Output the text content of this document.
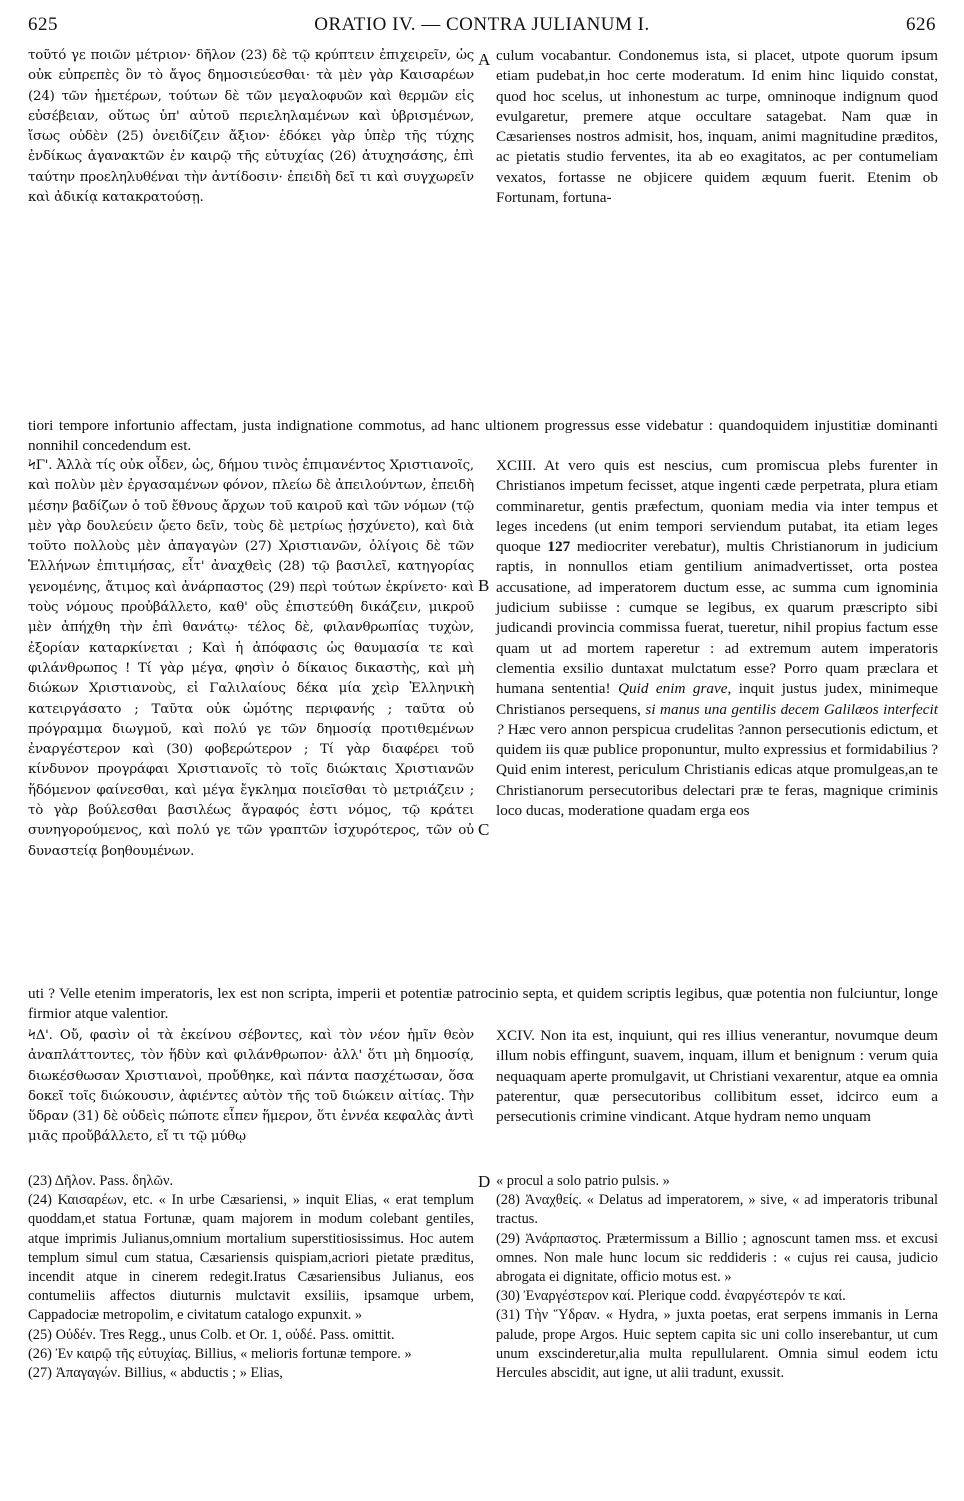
625	ORATIO IV. — CONTRA JULIANUM I.	626

τοῦτό γε ποιῶν μέτριον· δῆλον (23) δὲ τῷ κρύπτειν ἐπιχειρεῖν, ὡς οὐκ εὐπρεπὲς ὂν τὸ ἄγος δημοσιεύεσθαι· τὰ μὲν γὰρ Καισαρέων (24) τῶν ἡμετέρων, τούτων δὲ τῶν μεγαλοφυῶν καὶ θερμῶν εἰς εὐσέβειαν, οὕτως ὑπ' αὐτοῦ περιεληλαμένων καὶ ὑβρισμένων, ἴσως οὐδὲν (25) ὀνειδίζειν ἄξιον· ἐδόκει γὰρ ὑπὲρ τῆς τύχης ἐνδίκως ἀγανακτῶν ἐν καιρῷ τῆς εὐτυχίας (26) ἀτυχησάσης, ἐπὶ ταύτην προεληλυθέναι τὴν ἀντίδοσιν· ἐπειδὴ δεῖ τι καὶ συγχωρεῖν καὶ ἀδικίᾳ κατακρατούσῃ.

A culum vocabantur. Condonemus ista, si placet, utpote quorum ipsum etiam pudebat,in hoc certe moderatum. Id enim hinc liquido constat, quod hoc scelus, ut inhonestum ac turpe, omninoque indignum quod evulgaretur, premere atque occultare satagebat. Nam quæ in Cæsarienses nostros admisit, hos, inquam, animi magnitudine præditos, ac pietatis studio ferventes, ita ab eo exagitatos, ac per contumeliam vexatos, fortasse ne objicere quidem æquum fuerit. Etenim ob Fortunam, fortuna-

tiori tempore infortunio affectam, justa indignatione commotus, ad hanc ultionem progressus esse videbatur : quandoquidem injustitiæ dominanti nonnihil concedendum est.

ϞΓ'. Ἀλλὰ τίς οὐκ οἶδεν, ὡς, δήμου τινὸς ἐπιμανέντος Χριστιανοῖς, καὶ πολὺν μὲν ἐργασαμένων φόνον, πλείω δὲ ἀπειλούντων, ἐπειδὴ μέσην βαδίζων ὁ τοῦ ἔθνους ἄρχων τοῦ καιροῦ καὶ τῶν νόμων (τῷ μὲν γὰρ δουλεύειν ᾤετο δεῖν, τοὺς δὲ μετρίως ᾐσχύνετο), καὶ διὰ τοῦτο πολλοὺς μὲν ἀπαγαγὼν (27) Χριστιανῶν, ὀλίγοις δὲ τῶν Ἑλλήνων ἐπιτιμήσας, εἶτ' ἀναχθεὶς (28) τῷ βασιλεῖ, κατηγορίας γενομένης, ἄτιμος καὶ ἀνάρπαστος (29) περὶ τούτων ἐκρίνετο· καὶ τοὺς νόμους προὐβάλλετο, καθ' οὓς ἐπιστεύθη δικάζειν, μικροῦ μὲν ἀπήχθη τὴν ἐπὶ θανάτῳ· τέλος δὲ, φιλανθρωπίας τυχὼν, ἐξορίαν καταρκίνεται ; Καὶ ἡ ἀπόφασις ὡς θαυμασία τε καὶ φιλάνθρωπος ! Τί γὰρ μέγα, φησὶν ὁ δίκαιος δικαστὴς, καὶ μὴ διώκων Χριστιανοὺς, εἰ Γαλιλαίους δέκα μία χεὶρ Ἑλληνικὴ κατειργάσατο ; Ταῦτα οὐκ ὠμότης περιφανής ; ταῦτα οὐ πρόγραμμα διωγμοῦ, καὶ πολύ γε τῶν δημοσίᾳ προτιθεμένων ἐναργέστερον καὶ (30) φοβερώτερον ; Τί γὰρ διαφέρει τοῦ κίνδυνον προγράφαι Χριστιανοῖς τὸ τοῖς διώκταις Χριστιανῶν ἥδόμενον φαίνεσθαι, καὶ μέγα ἔγκλημα ποιεῖσθαι τὸ μετριάζειν ; τὸ γὰρ βούλεσθαι βασιλέως ἄγραφός ἐστι νόμος, τῷ κράτει συνηγορούμενος, καὶ πολύ γε τῶν γραπτῶν ἰσχυρότερος, τῶν οὐ δυναστείᾳ βοηθουμένων.

B
C

XCIII. At vero quis est nescius, cum promiscua plebs furenter in Christianos impetum fecisset, atque ingenti cæde perpetrata, plura etiam comminaretur, gentis præfectum, quoniam media via inter tempus et leges incedens (ut enim tempori serviendum putabat, ita etiam leges quoque 127 mediocriter verebatur), multis Christianorum in judicium raptis, in nonnullos etiam gentilium animadvertisset, orta postea accusatione, ad imperatorem ductum esse, ac summa cum ignominia judicium subiisse : cumque se legibus, ex quarum præscripto sibi judicandi provincia commissa fuerat, tueretur, nihil propius factum esse quam ut ad mortem raperetur : ad extremum autem imperatoris clementia exsilio duntaxat mulctatum esse? Porro quam præclara et humana sententia! Quid enim grave, inquit justus judex, minimeque Christianos persequens, si manus una gentilis decem Galilæos interfecit ? Hæc vero annon perspicua crudelitas ?annon persecutionis edictum, et quidem iis quæ publice proponuntur, multo expressius et formidabilius ? Quid enim interest, periculum Christianis edicas atque promulgeas,an te Christianorum persecutoribus delectari præ te feras, magnique criminis loco ducas, moderatione quadam erga eos

uti ? Velle etenim imperatoris, lex est non scripta, imperii et potentiæ patrocinio septa, et quidem scriptis legibus, quæ potentia non fulciuntur, longe firmior atque valentior.

ϞΔ'. Οὔ, φασὶν οἱ τὰ ἐκείνου σέβοντες, καὶ τὸν νέον ἡμῖν θεὸν ἀναπλάττοντες, τὸν ἥδὺν καὶ φιλάνθρωπον· ἀλλ' ὅτι μὴ δημοσίᾳ, διωκέσθωσαν Χριστιανοὶ, προὔθηκε, καὶ πάντα πασχέτωσαν, ὅσα δοκεῖ τοῖς διώκουσιν, ἀφιέντες αὐτὸν τῆς τοῦ διώκειν αἰτίας. Τὴν ὕδραν (31) δὲ οὐδεὶς πώποτε εἶπεν ἥμερον, ὅτι ἐννέα κεφαλὰς ἀντὶ μιᾶς προὔβάλλετο, εἴ τι τῷ μύθῳ

XCIV. Non ita est, inquiunt, qui res illius venerantur, novumque deum illum nobis effingunt, suavem, inquam, illum et benignum : verum quia nequaquam aperte promulgavit, ut Christiani vexarentur, atque ea omnia paterentur, quæ persecutoribus collibitum esset, idcirco eum a persecutionis crimine vindicant. Atque hydram nemo unquam

(23) Δῆλον. Pass. δηλῶν.

(24) Καισαρέων, etc. « In urbe Cæsariensi, » inquit Elias, « erat templum quoddam,et statua Fortunæ, quam majorem in modum colebant gentiles, atque imprimis Julianus,omnium mortalium superstitiosissimus. Hoc autem templum simul cum statua, Cæsariensis quispiam,acriori pietate præditus, incendit atque in cinerem redegit.Iratus Cæsariensibus Julianus, eos contumeliis affectos diuturnis mulctavit exsiliis, ipsamque urbem, Cappadociæ metropolim, e civitatum catalogo expunxit. »

(25) Οὐδέν. Tres Regg., unus Colb. et Or. 1, οὐδέ. Pass. omittit.

(26) Ἐν καιρῷ τῆς εὐτυχίας. Billius, « melioris fortunæ tempore. »

(27) Ἀπαγαγών. Billius, « abductis ; » Elias,

D « procul a solo patrio pulsis. »

(28) Ἀναχθείς. « Delatus ad imperatorem, » sive, « ad imperatoris tribunal tractus.

(29) Ἀνάρπαστος. Prætermissum a Billio ; agnoscunt tamen mss. et excusi omnes. Non male hunc locum sic reddideris : « cujus rei causa, judicio abrogata ei dignitate, officio motus est. »

(30) Ἐναργέστερον καί. Plerique codd. ἐναργέστερόν τε καί.

(31) Τὴν Ὕδραν. « Hydra, » juxta poetas, erat serpens immanis in Lerna palude, prope Argos. Huic septem capita sic uni collo inserebantur, ut cum unum exscinderetur,alia multa repullularent. Omnia simul eodem ictu Hercules abscidit, aut igne, ut alii tradunt, exussit.
